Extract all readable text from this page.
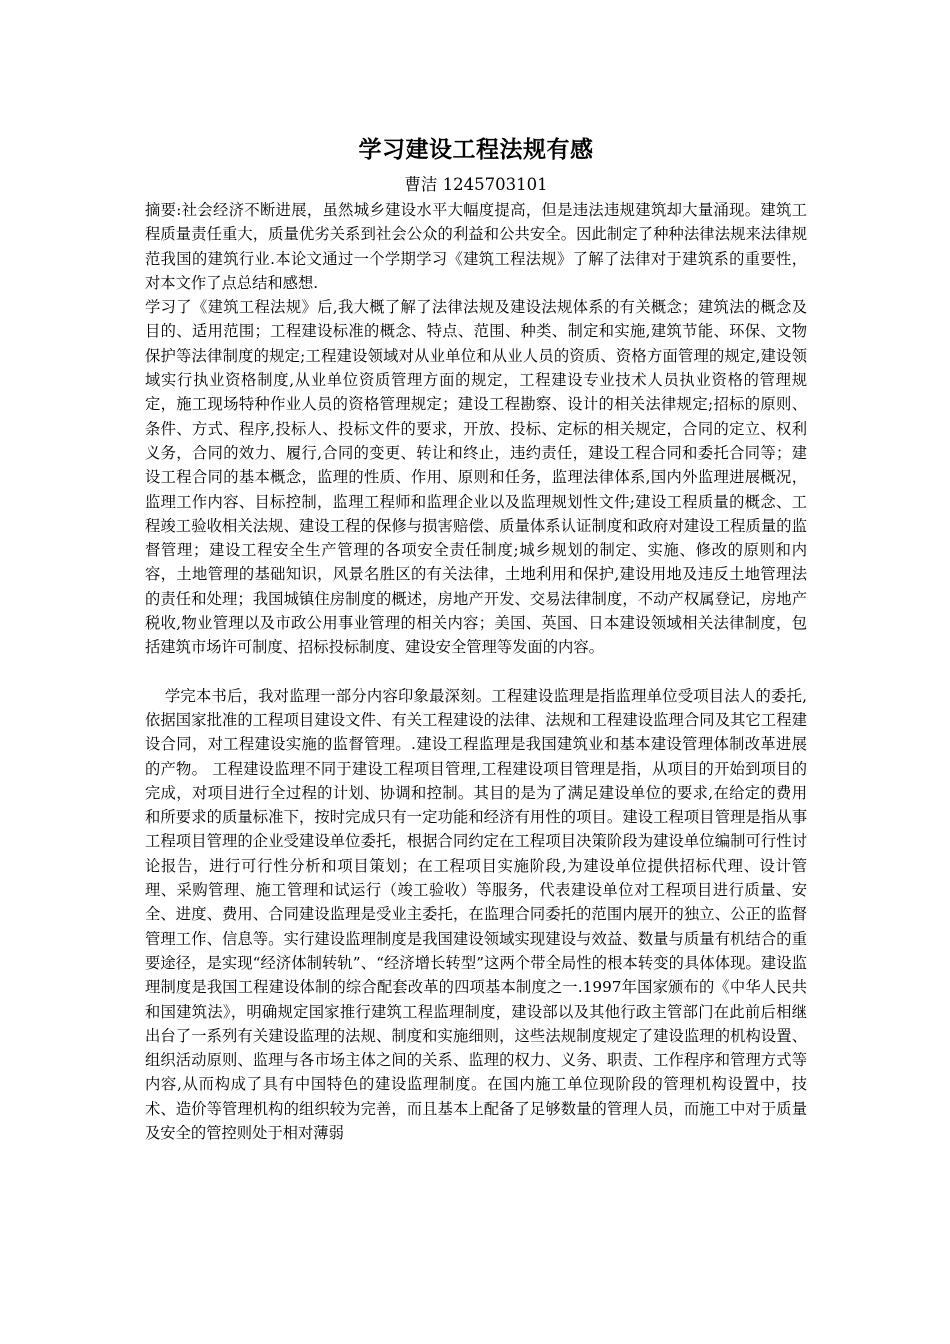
学习建设工程法规有感

曹洁 1245703101

摘要:社会经济不断进展，虽然城乡建设水平大幅度提高，但是违法违规建筑却大量涌现。建筑工程质量责任重大，质量优劣关系到社会公众的利益和公共安全。因此制定了种种法律法规来法律规范我国的建筑行业.本论文通过一个学期学习《建筑工程法规》了解了法律对于建筑系的重要性，对本文作了点总结和感想.

学习了《建筑工程法规》后,我大概了解了法律法规及建设法规体系的有关概念；建筑法的概念及目的、适用范围；工程建设标准的概念、特点、范围、种类、制定和实施,建筑节能、环保、文物保护等法律制度的规定;工程建设领域对从业单位和从业人员的资质、资格方面管理的规定,建设领域实行执业资格制度,从业单位资质管理方面的规定，工程建设专业技术人员执业资格的管理规定，施工现场特种作业人员的资格管理规定；建设工程勘察、设计的相关法律规定;招标的原则、条件、方式、程序,投标人、投标文件的要求，开放、投标、定标的相关规定，合同的定立、权利义务，合同的效力、履行,合同的变更、转让和终止，违约责任，建设工程合同和委托合同等；建设工程合同的基本概念，监理的性质、作用、原则和任务，监理法律体系,国内外监理进展概况，监理工作内容、目标控制，监理工程师和监理企业以及监理规划性文件;建设工程质量的概念、工程竣工验收相关法规、建设工程的保修与损害赔偿、质量体系认证制度和政府对建设工程质量的监督管理；建设工程安全生产管理的各项安全责任制度;城乡规划的制定、实施、修改的原则和内容，土地管理的基础知识，风景名胜区的有关法律，土地利用和保护,建设用地及违反土地管理法的责任和处理；我国城镇住房制度的概述，房地产开发、交易法律制度，不动产权属登记，房地产税收,物业管理以及市政公用事业管理的相关内容；美国、英国、日本建设领域相关法律制度，包括建筑市场许可制度、招标投标制度、建设安全管理等发面的内容。

学完本书后，我对监理一部分内容印象最深刻。工程建设监理是指监理单位受项目法人的委托,依据国家批准的工程项目建设文件、有关工程建设的法律、法规和工程建设监理合同及其它工程建设合同，对工程建设实施的监督管理。.建设工程监理是我国建筑业和基本建设管理体制改革进展的产物。 工程建设监理不同于建设工程项目管理,工程建设项目管理是指，从项目的开始到项目的完成，对项目进行全过程的计划、协调和控制。其目的是为了满足建设单位的要求,在给定的费用和所要求的质量标准下，按时完成只有一定功能和经济有用性的项目。建设工程项目管理是指从事工程项目管理的企业受建设单位委托，根据合同约定在工程项目决策阶段为建设单位编制可行性讨论报告，进行可行性分析和项目策划；在工程项目实施阶段,为建设单位提供招标代理、设计管理、采购管理、施工管理和试运行（竣工验收）等服务，代表建设单位对工程项目进行质量、安全、进度、费用、合同建设监理是受业主委托，在监理合同委托的范围内展开的独立、公正的监督管理工作、信息等。实行建设监理制度是我国建设领域实现建设与效益、数量与质量有机结合的重要途径，是实现“经济体制转轨”、“经济增长转型”这两个带全局性的根本转变的具体体现。建设监理制度是我国工程建设体制的综合配套改革的四项基本制度之一.1997年国家颁布的《中华人民共和国建筑法》，明确规定国家推行建筑工程监理制度，建设部以及其他行政主管部门在此前后相继出台了一系列有关建设监理的法规、制度和实施细则，这些法规制度规定了建设监理的机构设置、组织活动原则、监理与各市场主体之间的关系、监理的权力、义务、职责、工作程序和管理方式等内容,从而构成了具有中国特色的建设监理制度。在国内施工单位现阶段的管理机构设置中，技术、造价等管理机构的组织较为完善，而且基本上配备了足够数量的管理人员，而施工中对于质量及安全的管控则处于相对薄弱
